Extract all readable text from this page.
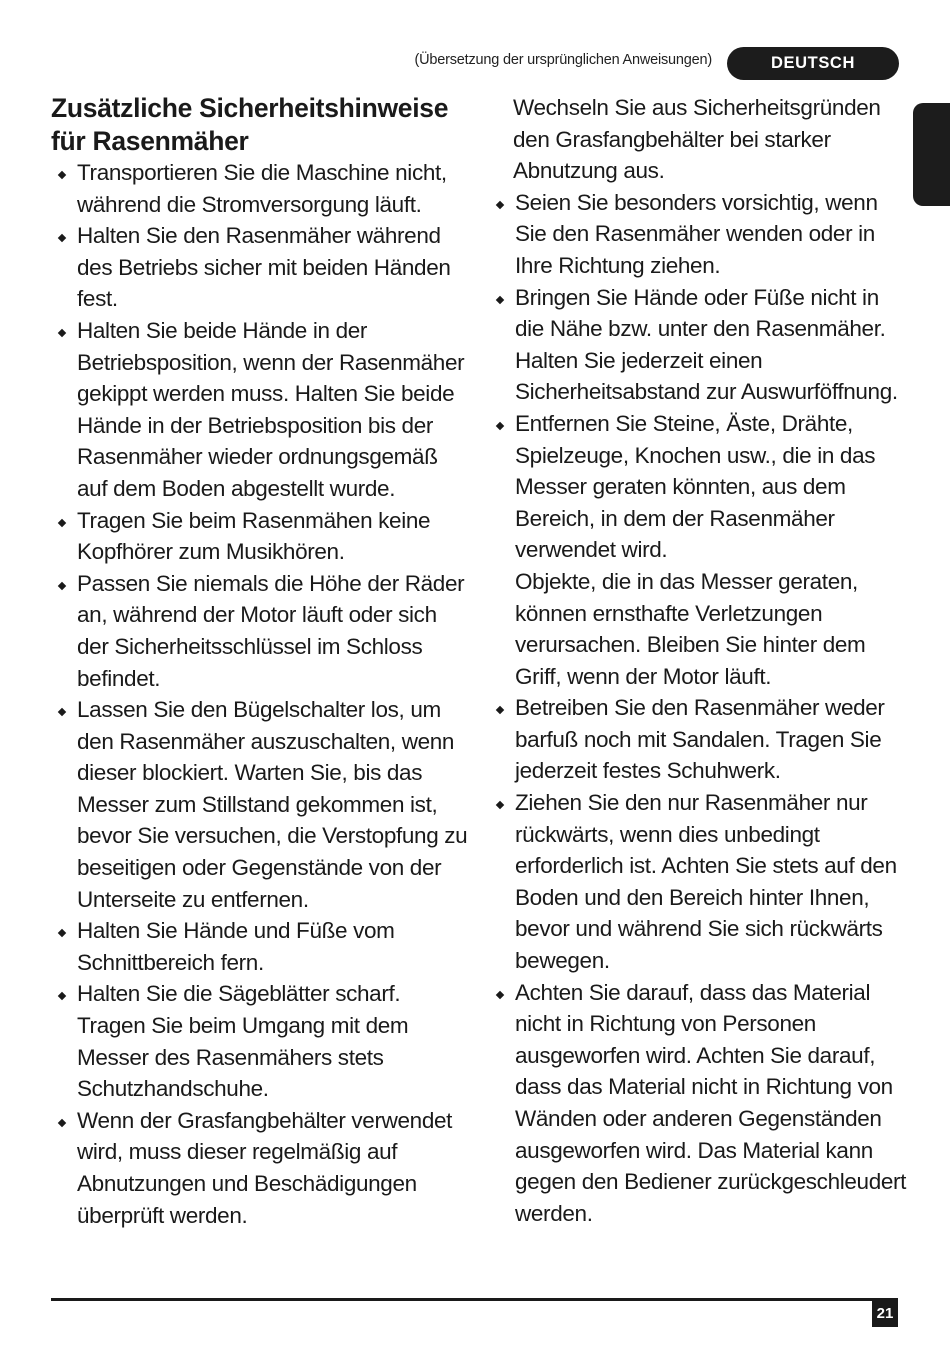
(Übersetzung der ursprünglichen Anweisungen)	DEUTSCH
Zusätzliche Sicherheitshinweise
für Rasenmäher
Transportieren Sie die Maschine nicht, während die Stromversorgung läuft.
Halten Sie den Rasenmäher während des Betriebs sicher mit beiden Händen fest.
Halten Sie beide Hände in der Betriebsposition, wenn der Rasenmäher gekippt werden muss. Halten Sie beide Hände in der Betriebsposition bis der Rasenmäher wieder ordnungsgemäß auf dem Boden abgestellt wurde.
Tragen Sie beim Rasenmähen keine Kopfhörer zum Musikhören.
Passen Sie niemals die Höhe der Räder an, während der Motor läuft oder sich der Sicherheitsschlüssel im Schloss befindet.
Lassen Sie den Bügelschalter los, um den Rasenmäher auszuschalten, wenn dieser blockiert. Warten Sie, bis das Messer zum Stillstand gekommen ist, bevor Sie versuchen, die Verstopfung zu beseitigen oder Gegenstände von der Unterseite zu entfernen.
Halten Sie Hände und Füße vom Schnittbereich fern.
Halten Sie die Sägeblätter scharf. Tragen Sie beim Umgang mit dem Messer des Rasenmähers stets Schutzhandschuhe.
Wenn der Grasfangbehälter verwendet wird, muss dieser regelmäßig auf Abnutzungen und Beschädigungen überprüft werden.
Wechseln Sie aus Sicherheitsgründen den Grasfangbehälter bei starker Abnutzung aus.
Seien Sie besonders vorsichtig, wenn Sie den Rasenmäher wenden oder in Ihre Richtung ziehen.
Bringen Sie Hände oder Füße nicht in die Nähe bzw. unter den Rasenmäher. Halten Sie jederzeit einen Sicherheitsabstand zur Auswurföffnung.
Entfernen Sie Steine, Äste, Drähte, Spielzeuge, Knochen usw., die in das Messer geraten könnten, aus dem Bereich, in dem der Rasenmäher verwendet wird.
Objekte, die in das Messer geraten, können ernsthafte Verletzungen verursachen. Bleiben Sie hinter dem Griff, wenn der Motor läuft.
Betreiben Sie den Rasenmäher weder barfuß noch mit Sandalen. Tragen Sie jederzeit festes Schuhwerk.
Ziehen Sie den nur Rasenmäher nur rückwärts, wenn dies unbedingt erforderlich ist. Achten Sie stets auf den Boden und den Bereich hinter Ihnen, bevor und während Sie sich rückwärts bewegen.
Achten Sie darauf, dass das Material nicht in Richtung von Personen ausgeworfen wird. Achten Sie darauf, dass das Material nicht in Richtung von Wänden oder anderen Gegenständen ausgeworfen wird. Das Material kann gegen den Bediener zurückgeschleudert werden.
21
